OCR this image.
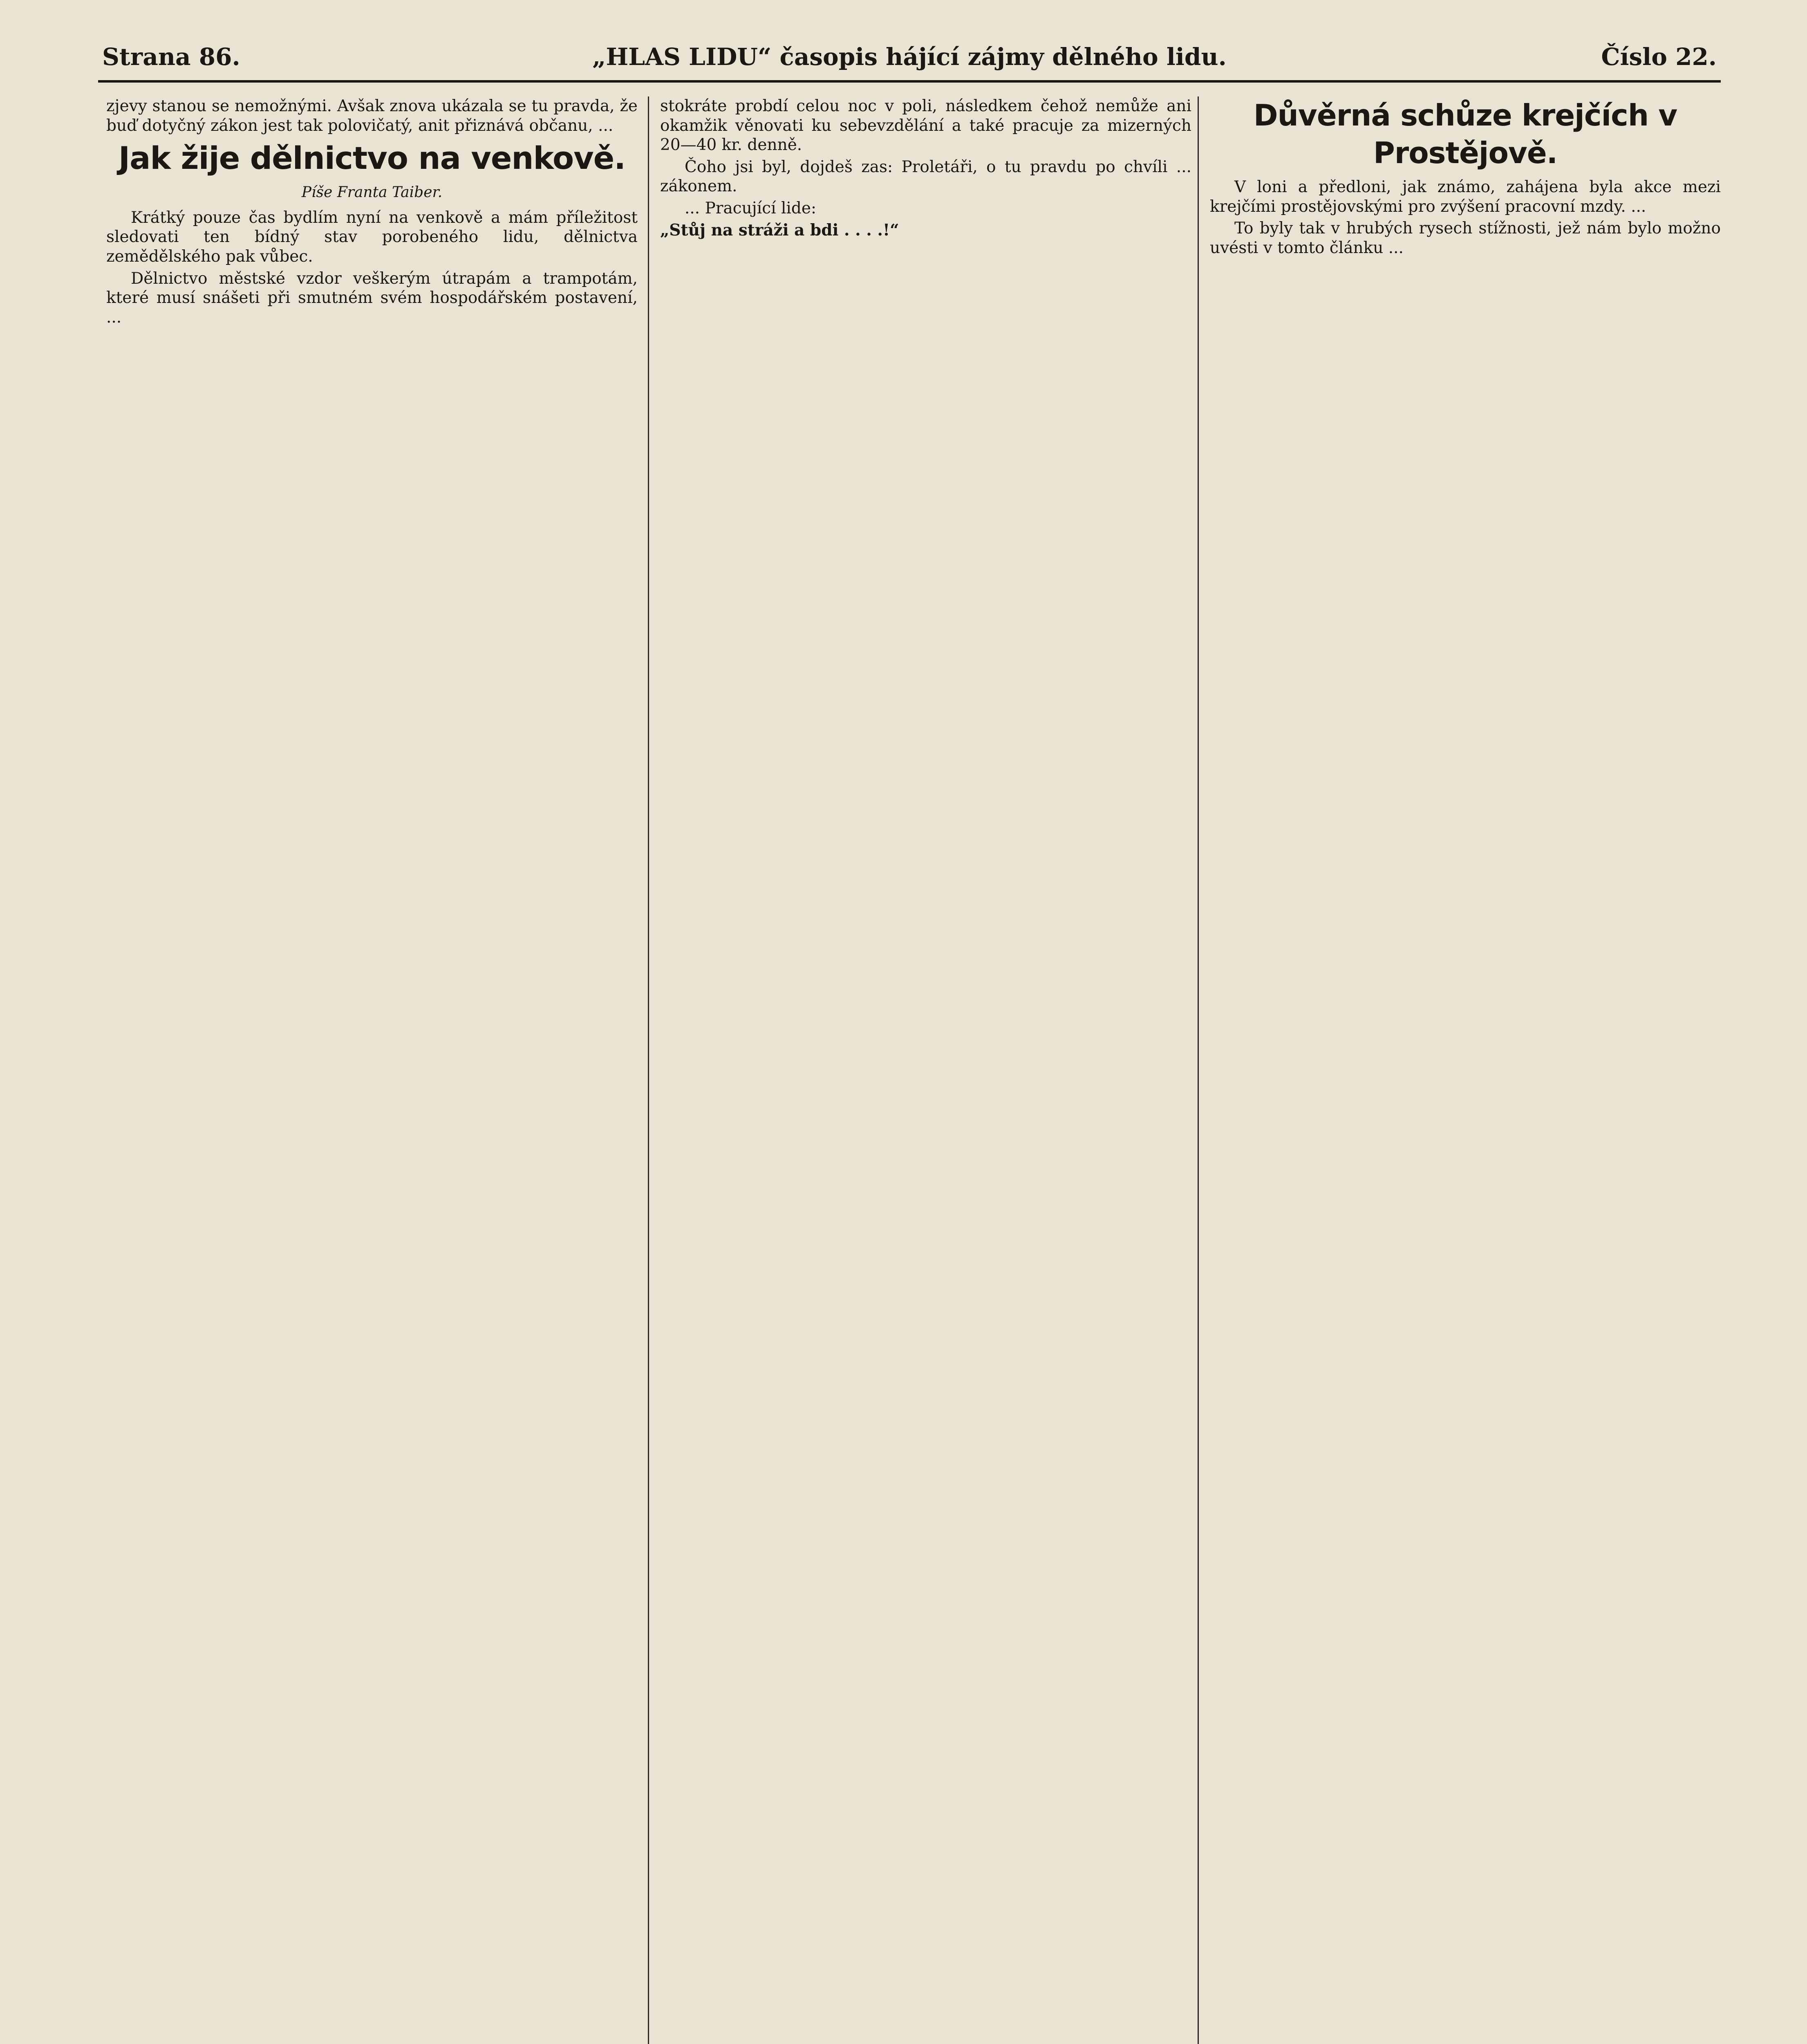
Strana 86.	„HLAS LIDU“ časopis hájící zájmy dělného lidu.	Číslo 22.

zjevy stanou se nemožnými. Avšak znova ukázala se tu pravda, že buď dotyčný zákon jest tak polovičatý, anit přiznává občanu, ...

Jak žije dělnictvo na venkově.
Píše Franta Taiber.

Krátký pouze čas bydlím nyní na venkově a mám příležitost sledovati ten bídný stav porobeného lidu, dělnictva zemědělského pak vůbec.

Dělnictvo městské vzdor veškerým útrapám a trampotám, které musí snášeti při smutném svém hospodářském postavení, ...

stokráte probdí celou noc v poli, následkem čehož nemůže ani okamžik věnovati ku sebevzdělání a také pracuje za mizerných 20—40 kr. denně.

Čoho jsi byl, dojdeš zas: Proletáři, o tu pravdu po chvíli ... zákonem.

... Pracující lide:

„Stůj na stráži a bdi . . . .!“

Důvěrná schůze krejčích v Prostějově.

V loni a předloni, jak známo, zahájena byla akce mezi krejčími prostějovskými pro zvýšení pracovní mzdy. ...

To byly tak v hrubých rysech stížnosti, jež nám bylo možno uvésti v tomto článku ...
